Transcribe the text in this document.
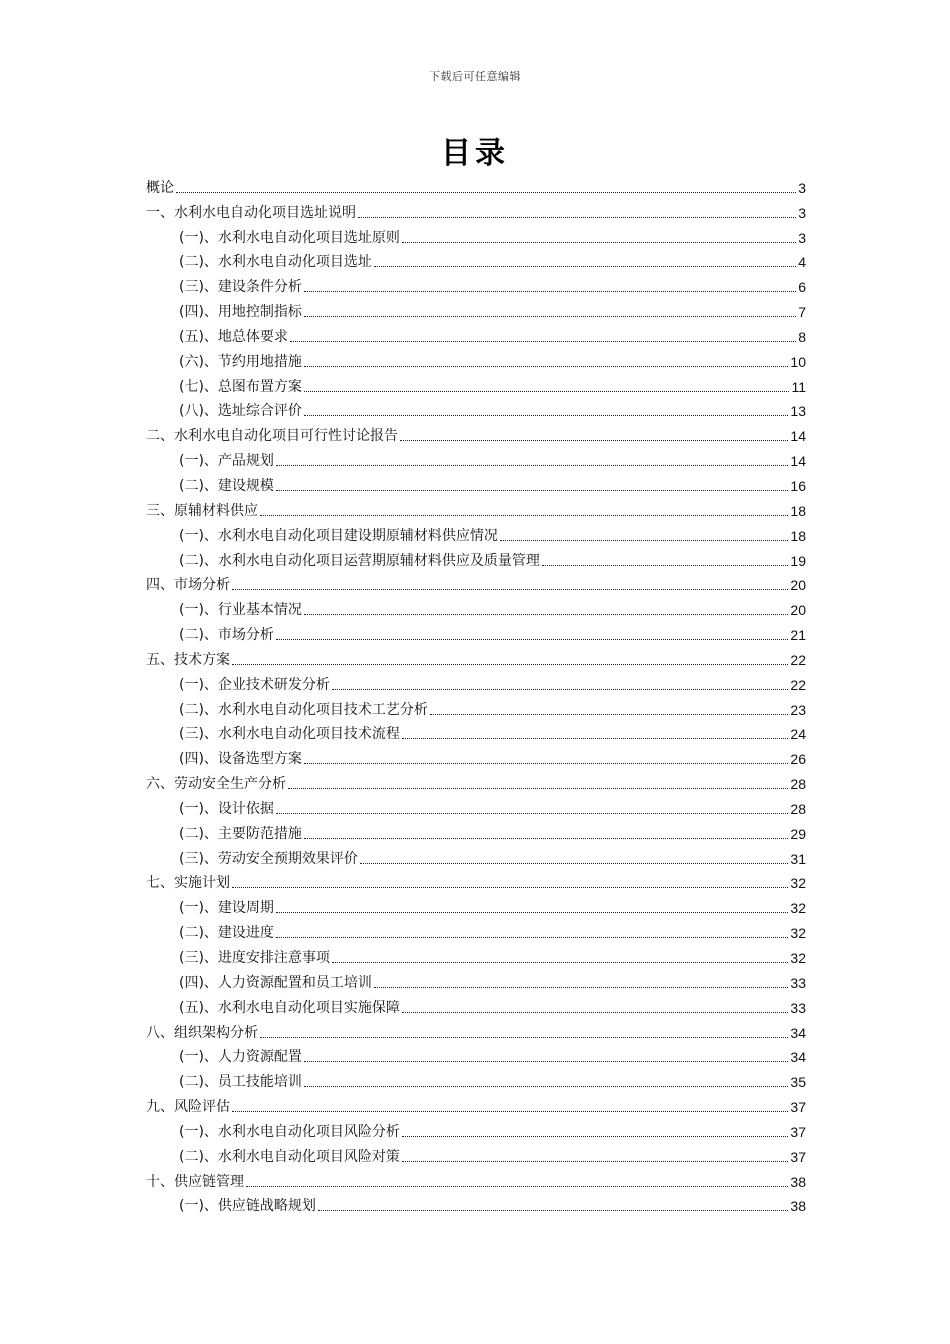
下载后可任意编辑
目录
概论	3
一、水利水电自动化项目选址说明	3
(一)、水利水电自动化项目选址原则	3
(二)、水利水电自动化项目选址	4
(三)、建设条件分析	6
(四)、用地控制指标	7
(五)、地总体要求	8
(六)、节约用地措施	10
(七)、总图布置方案	11
(八)、选址综合评价	13
二、水利水电自动化项目可行性讨论报告	14
(一)、产品规划	14
(二)、建设规模	16
三、原辅材料供应	18
(一)、水利水电自动化项目建设期原辅材料供应情况	18
(二)、水利水电自动化项目运营期原辅材料供应及质量管理	19
四、市场分析	20
(一)、行业基本情况	20
(二)、市场分析	21
五、技术方案	22
(一)、企业技术研发分析	22
(二)、水利水电自动化项目技术工艺分析	23
(三)、水利水电自动化项目技术流程	24
(四)、设备选型方案	26
六、劳动安全生产分析	28
(一)、设计依据	28
(二)、主要防范措施	29
(三)、劳动安全预期效果评价	31
七、实施计划	32
(一)、建设周期	32
(二)、建设进度	32
(三)、进度安排注意事项	32
(四)、人力资源配置和员工培训	33
(五)、水利水电自动化项目实施保障	33
八、组织架构分析	34
(一)、人力资源配置	34
(二)、员工技能培训	35
九、风险评估	37
(一)、水利水电自动化项目风险分析	37
(二)、水利水电自动化项目风险对策	37
十、供应链管理	38
(一)、供应链战略规划	38
